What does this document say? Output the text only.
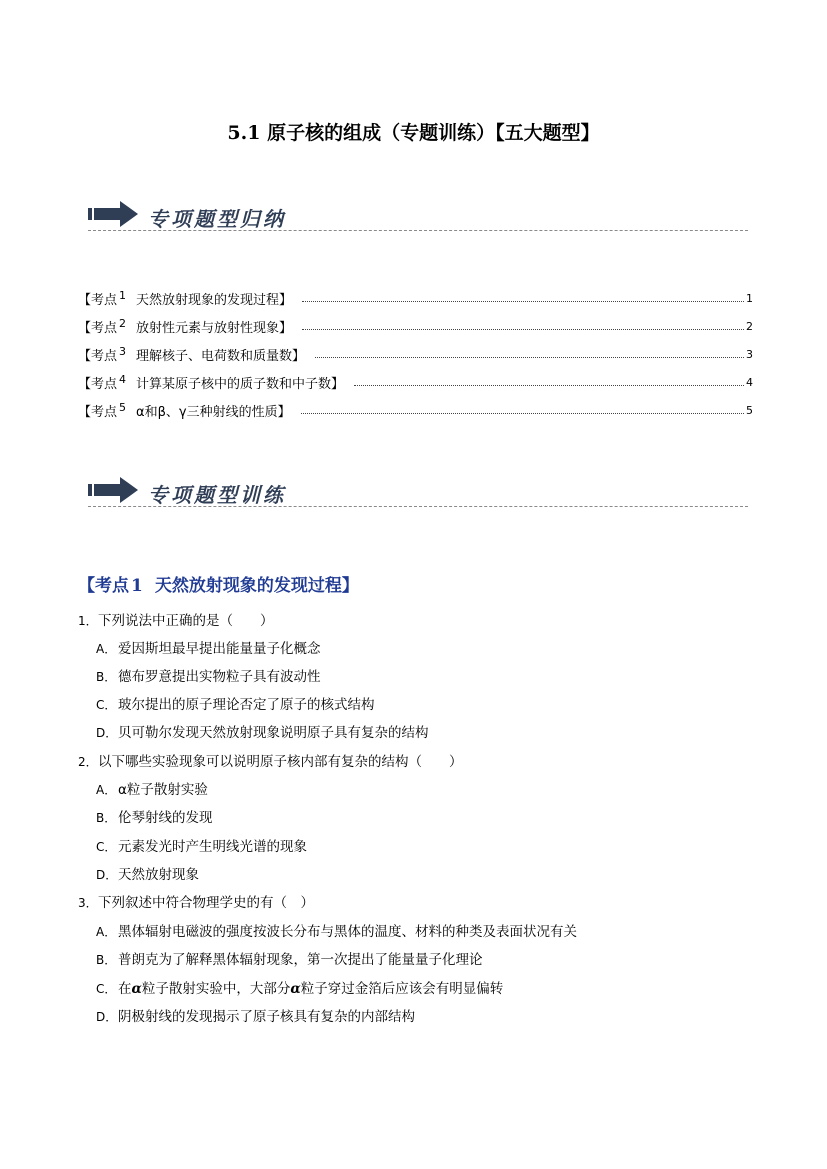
5.1 原子核的组成（专题训练）【五大题型】
专项题型归纳
【考点 1 天然放射现象的发现过程】	1
【考点 2 放射性元素与放射性现象】	2
【考点 3 理解核子、电荷数和质量数】	3
【考点 4 计算某原子核中的质子数和中子数】	4
【考点 5 α和β、γ三种射线的性质】	5
专项题型训练
【考点 1 天然放射现象的发现过程】
1．下列说法中正确的是（　　）
A． 爱因斯坦最早提出能量量子化概念
B． 德布罗意提出实物粒子具有波动性
C． 玻尔提出的原子理论否定了原子的核式结构
D．贝可勒尔发现天然放射现象说明原子具有复杂的结构
2．以下哪些实验现象可以说明原子核内部有复杂的结构（　　）
A． α粒子散射实验
B． 伦琴射线的发现
C． 元素发光时产生明线光谱的现象
D．天然放射现象
3．下列叙述中符合物理学史的有（　）
A． 黑体辐射电磁波的强度按波长分布与黑体的温度、材料的种类及表面状况有关
B． 普朗克为了解释黑体辐射现象，第一次提出了能量量子化理论
C． 在α粒子散射实验中，大部分α粒子穿过金箔后应该会有明显偏转
D．阴极射线的发现揭示了原子核具有复杂的内部结构
